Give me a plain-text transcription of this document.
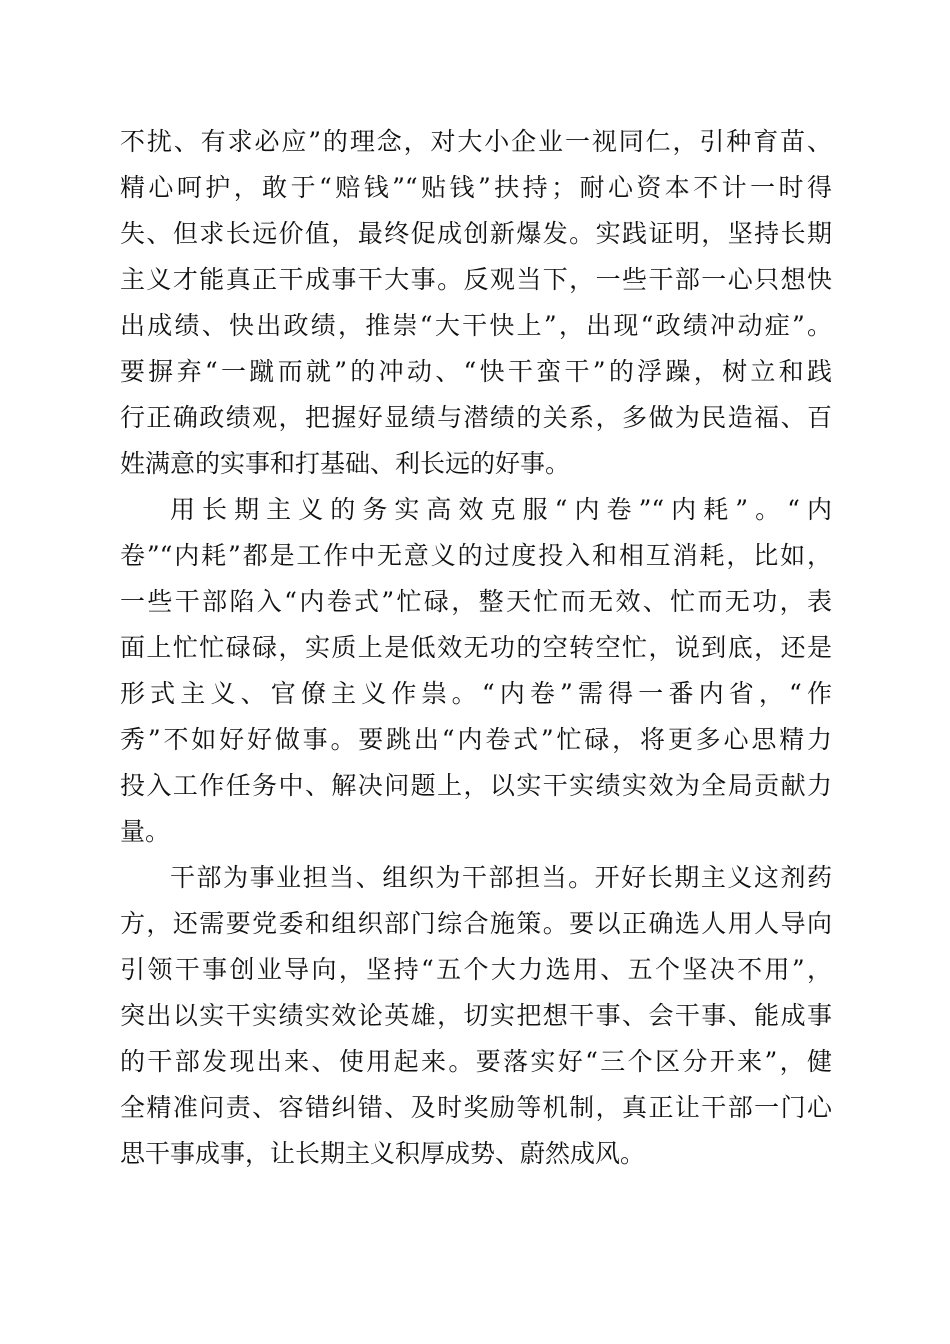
不扰、有求必应”的理念，对大小企业一视同仁，引种育苗、
精心呵护，敢于“赔钱”“贴钱”扶持；耐心资本不计一时得
失、但求长远价值，最终促成创新爆发。实践证明，坚持长期
主义才能真正干成事干大事。反观当下，一些干部一心只想快
出成绩、快出政绩，推崇“大干快上”，出现“政绩冲动症”。
要摒弃“一蹴而就”的冲动、“快干蛮干”的浮躁，树立和践
行正确政绩观，把握好显绩与潜绩的关系，多做为民造福、百
姓满意的实事和打基础、利长远的好事。
用长期主义的务实高效克服“内卷”“内耗”。“内
卷”“内耗”都是工作中无意义的过度投入和相互消耗，比如，
一些干部陷入“内卷式”忙碌，整天忙而无效、忙而无功，表
面上忙忙碌碌，实质上是低效无功的空转空忙，说到底，还是
形式主义、官僚主义作祟。“内卷”需得一番内省，“作
秀”不如好好做事。要跳出“内卷式”忙碌，将更多心思精力
投入工作任务中、解决问题上，以实干实绩实效为全局贡献力
量。
干部为事业担当、组织为干部担当。开好长期主义这剂药
方，还需要党委和组织部门综合施策。要以正确选人用人导向
引领干事创业导向，坚持“五个大力选用、五个坚决不用”，
突出以实干实绩实效论英雄，切实把想干事、会干事、能成事
的干部发现出来、使用起来。要落实好“三个区分开来”，健
全精准问责、容错纠错、及时奖励等机制，真正让干部一门心
思干事成事，让长期主义积厚成势、蔚然成风。
